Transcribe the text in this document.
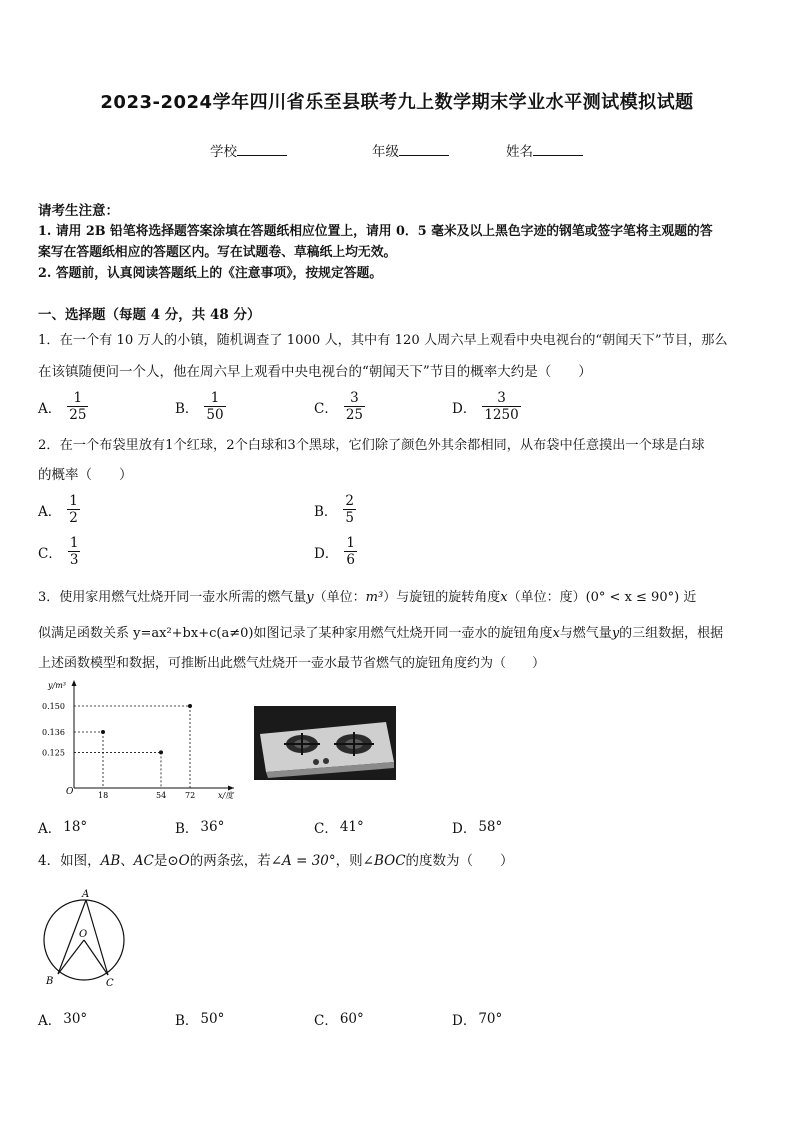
2023-2024学年四川省乐至县联考九上数学期末学业水平测试模拟试题
学校	年级	姓名
请考生注意：
1. 请用 2B 铅笔将选择题答案涂填在答题纸相应位置上，请用 0．5 毫米及以上黑色字迹的钢笔或签字笔将主观题的答
案写在答题纸相应的答题区内。写在试题卷、草稿纸上均无效。
2. 答题前，认真阅读答题纸上的《注意事项》，按规定答题。
一、选择题（每题 4 分，共 48 分）
1．在一个有 10 万人的小镇，随机调查了 1000 人，其中有 120 人周六早上观看中央电视台的“朝闻天下”节目，那么
在该镇随便问一个人，他在周六早上观看中央电视台的“朝闻天下”节目的概率大约是（　　）
A． $\frac{1}{25}$	B． $\frac{1}{50}$	C． $\frac{3}{25}$	D． $\frac{3}{1250}$
2．在一个布袋里放有1个红球，2个白球和3个黑球，它们除了颜色外其余都相同，从布袋中任意摸出一个球是白球
的概率（　　）
A． $\frac{1}{2}$	B． $\frac{2}{5}$
C． $\frac{1}{3}$	D． $\frac{1}{6}$
3．使用家用燃气灶烧开同一壶水所需的燃气量y（单位：m³）与旋钮的旋转角度x（单位：度）(0° < x ≤ 90°) 近
似满足函数关系 y=ax²+bx+c(a≠0)如图记录了某种家用燃气灶烧开同一壶水的旋钮角度x与燃气量y的三组数据，根据
上述函数模型和数据，可推断出此燃气灶烧开一壶水最节省燃气的旋钮角度约为（　　）
y/m³
x/度
O
0.150
0.136
0.125
18	54 72
A． 18°	B． 36°	C． 41°	D． 58°
4．如图，AB、AC是⊙O的两条弦，若∠A = 30°，则∠BOC的度数为（　　）
A
O
B	C
A． 30°	B． 50°	C． 60°	D． 70°
